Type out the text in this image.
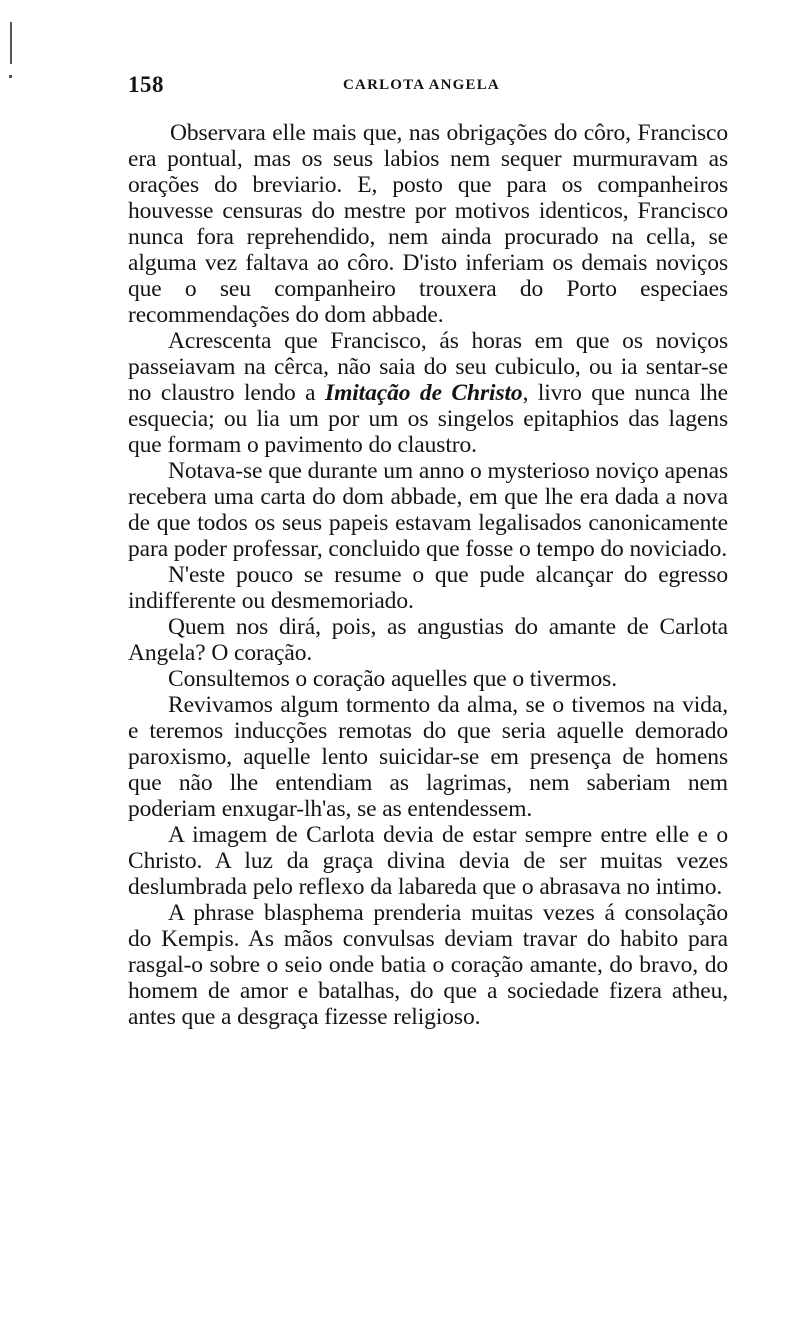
158	CARLOTA ANGELA

Observara elle mais que, nas obrigações do côro, Francisco era pontual, mas os seus labios nem sequer murmuravam as orações do breviario. E, posto que para os companheiros houvesse censuras do mestre por motivos identicos, Francisco nunca fora reprehendido, nem ainda procurado na cella, se alguma vez faltava ao côro. D'isto inferiam os demais noviços que o seu companheiro trouxera do Porto especiaes recommendações do dom abbade.

Acrescenta que Francisco, ás horas em que os noviços passeiavam na cêrca, não saia do seu cubiculo, ou ia sentar-se no claustro lendo a Imitação de Christo, livro que nunca lhe esquecia; ou lia um por um os singelos epitaphios das lagens que formam o pavimento do claustro.

Notava-se que durante um anno o mysterioso noviço apenas recebera uma carta do dom abbade, em que lhe era dada a nova de que todos os seus papeis estavam legalisados canonicamente para poder professar, concluido que fosse o tempo do noviciado.

N'este pouco se resume o que pude alcançar do egresso indifferente ou desmemoriado.

Quem nos dirá, pois, as angustias do amante de Carlota Angela? O coração.

Consultemos o coração aquelles que o tivermos.

Revivamos algum tormento da alma, se o tivemos na vida, e teremos inducções remotas do que seria aquelle demorado paroxismo, aquelle lento suicidar-se em presença de homens que não lhe entendiam as lagrimas, nem saberiam nem poderiam enxugar-lh'as, se as entendessem.

A imagem de Carlota devia de estar sempre entre elle e o Christo. A luz da graça divina devia de ser muitas vezes deslumbrada pelo reflexo da labareda que o abrasava no intimo.

A phrase blasphema prenderia muitas vezes á consolação do Kempis. As mãos convulsas deviam travar do habito para rasgal-o sobre o seio onde batia o coração amante, do bravo, do homem de amor e batalhas, do que a sociedade fizera atheu, antes que a desgraça fizesse religioso.
